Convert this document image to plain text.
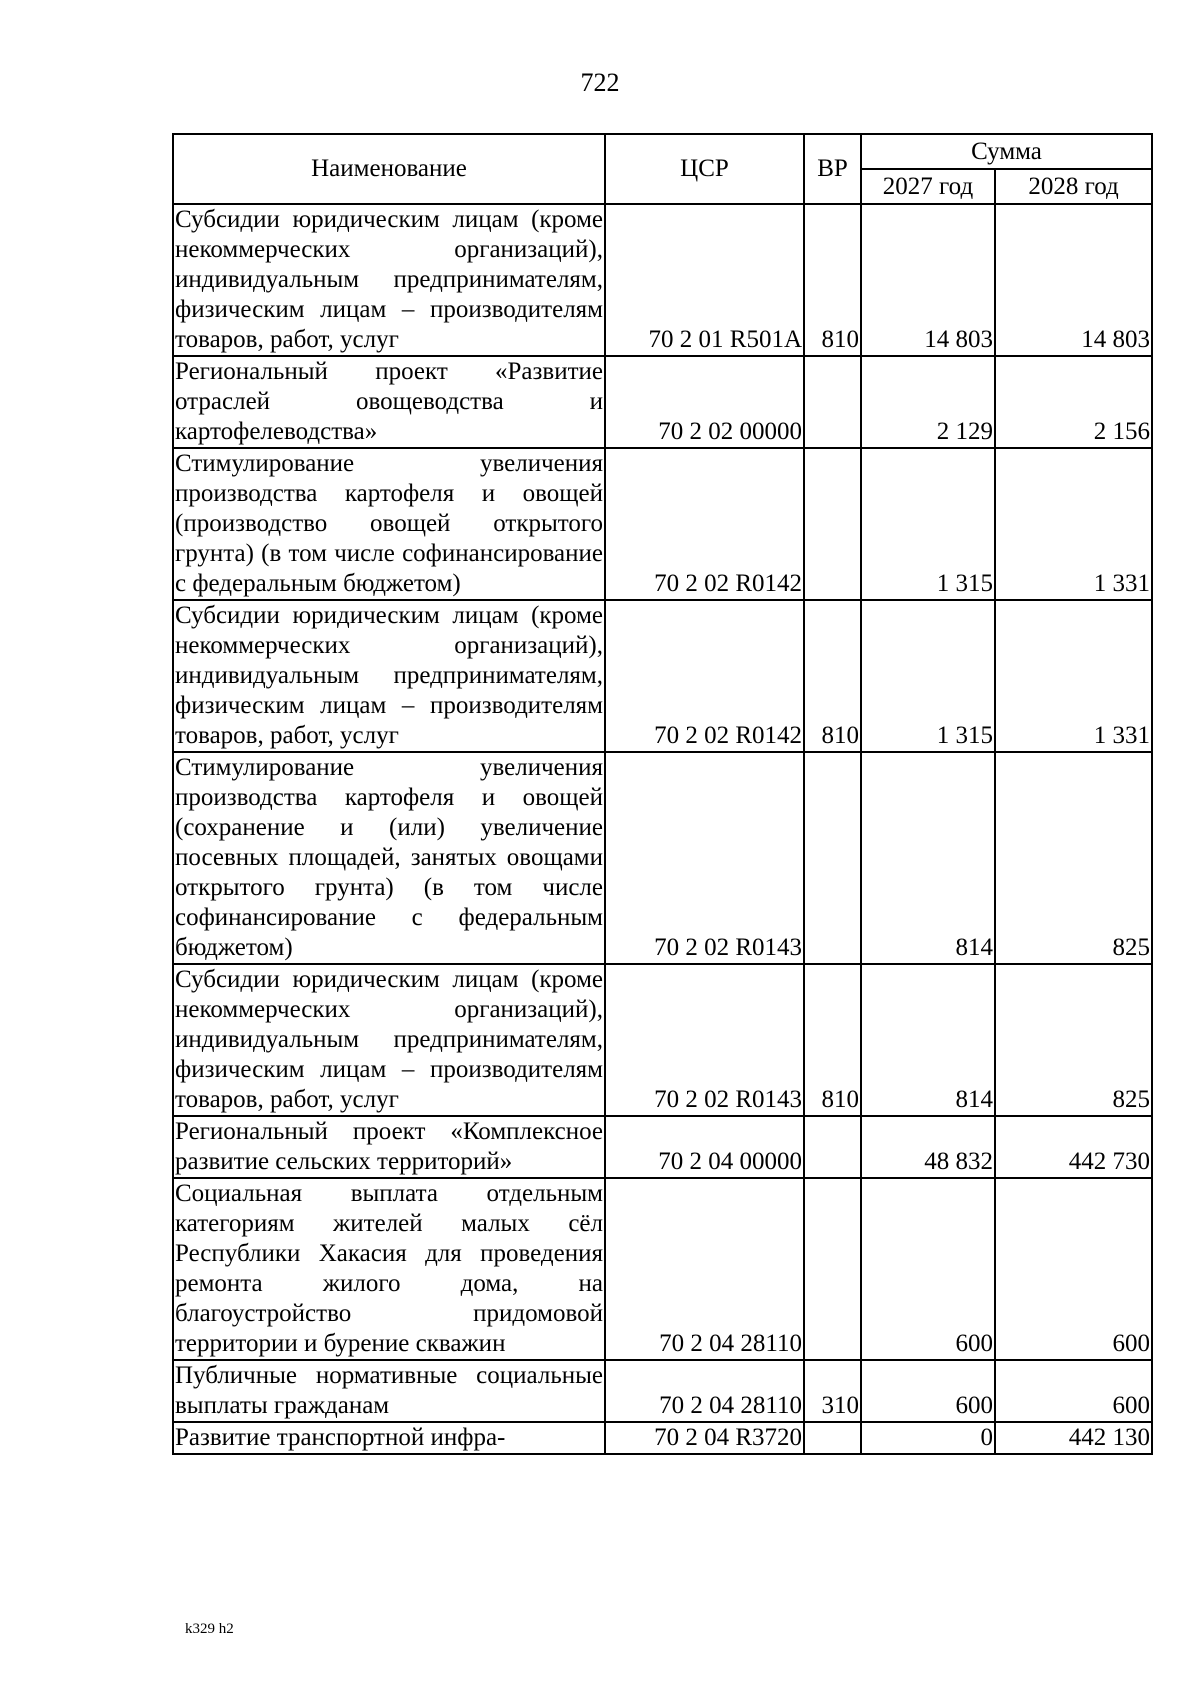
722
Наименование	ЦСР	ВР	Сумма	
			2027 год	2028 год
Субсидии юридическим лицам (кроме некоммерческих организаций), индивидуальным предпринимателям, физическим лицам – производителям товаров, работ, услуг	70 2 01 R501A	810	14 803	14 803
Региональный проект «Развитие отраслей овощеводства и картофелеводства»	70 2 02 00000		2 129	2 156
Стимулирование увеличения производства картофеля и овощей (производство овощей открытого грунта) (в том числе софинансирование с федеральным бюджетом)	70 2 02 R0142		1 315	1 331
Субсидии юридическим лицам (кроме некоммерческих организаций), индивидуальным предпринимателям, физическим лицам – производителям товаров, работ, услуг	70 2 02 R0142	810	1 315	1 331
Стимулирование увеличения производства картофеля и овощей (сохранение и (или) увеличение посевных площадей, занятых овощами открытого грунта) (в том числе софинансирование с федеральным бюджетом)	70 2 02 R0143		814	825
Субсидии юридическим лицам (кроме некоммерческих организаций), индивидуальным предпринимателям, физическим лицам – производителям товаров, работ, услуг	70 2 02 R0143	810	814	825
Региональный проект «Комплексное развитие сельских территорий»	70 2 04 00000		48 832	442 730
Социальная выплата отдельным категориям жителей малых сёл Республики Хакасия для проведения ремонта жилого дома, на благоустройство придомовой территории и бурение скважин	70 2 04 28110		600	600
Публичные нормативные социальные выплаты гражданам	70 2 04 28110	310	600	600
Развитие транспортной инфра-	70 2 04 R3720		0	442 130
k329 h2
